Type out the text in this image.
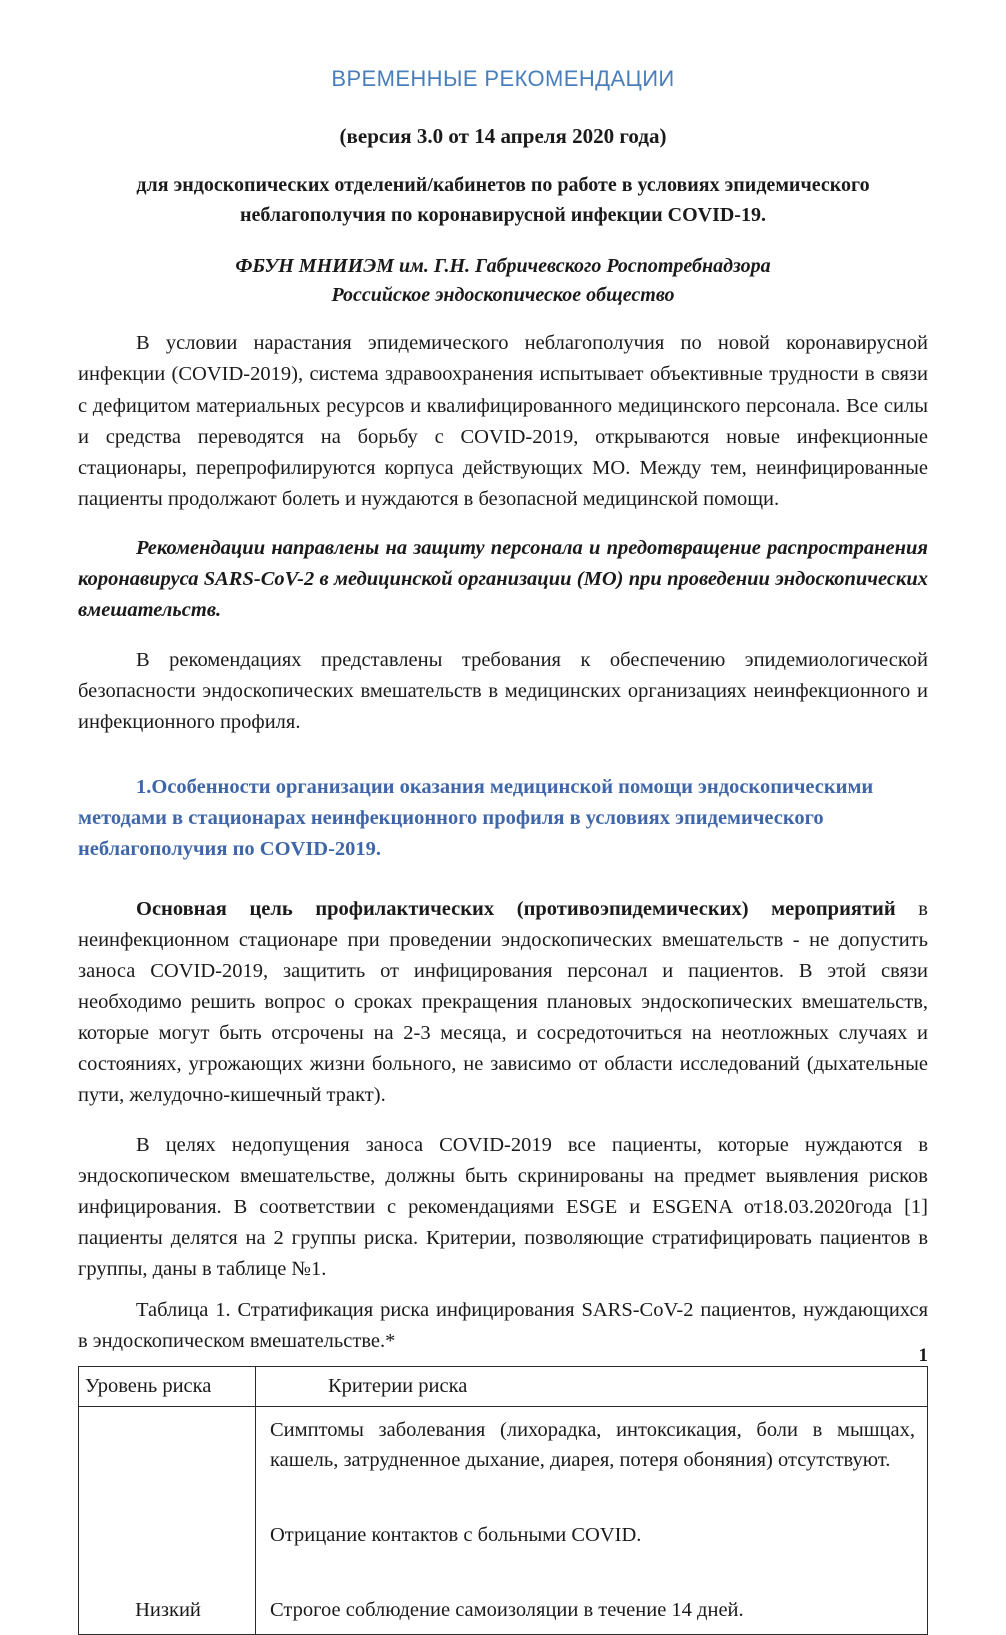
ВРЕМЕННЫЕ РЕКОМЕНДАЦИИ

(версия 3.0 от 14 апреля 2020 года)

для эндоскопических отделений/кабинетов по работе в условиях эпидемического неблагополучия по коронавирусной инфекции COVID-19.

ФБУН МНИИЭМ им. Г.Н. Габричевского Роспотребнадзора

Российское эндоскопическое общество

В условии нарастания эпидемического неблагополучия по новой коронавирусной инфекции (COVID-2019), система здравоохранения испытывает объективные трудности в связи с дефицитом материальных ресурсов и квалифицированного медицинского персонала. Все силы и средства переводятся на борьбу с COVID-2019, открываются новые инфекционные стационары, перепрофилируются корпуса действующих МО. Между тем, неинфицированные пациенты продолжают болеть и нуждаются в безопасной медицинской помощи.

Рекомендации направлены на защиту персонала и предотвращение распространения коронавируса SARS-CoV-2 в медицинской организации (МО) при проведении эндоскопических вмешательств.

В рекомендациях представлены требования к обеспечению эпидемиологической безопасности эндоскопических вмешательств в медицинских организациях неинфекционного и инфекционного профиля.

1.Особенности организации оказания медицинской помощи эндоскопическими методами в стационарах неинфекционного профиля в условиях эпидемического неблагополучия по COVID-2019.

Основная цель профилактических (противоэпидемических) мероприятий в неинфекционном стационаре при проведении эндоскопических вмешательств - не допустить заноса COVID-2019, защитить от инфицирования персонал и пациентов. В этой связи необходимо решить вопрос о сроках прекращения плановых эндоскопических вмешательств, которые могут быть отсрочены на 2-3 месяца, и сосредоточиться на неотложных случаях и состояниях, угрожающих жизни больного, не зависимо от области исследований (дыхательные пути, желудочно-кишечный тракт).

В целях недопущения заноса COVID-2019 все пациенты, которые нуждаются в эндоскопическом вмешательстве, должны быть скринированы на предмет выявления рисков инфицирования. В соответствии с рекомендациями ESGE и ESGENA от18.03.2020года [1] пациенты делятся на 2 группы риска. Критерии, позволяющие стратифицировать пациентов в группы, даны в таблице №1.

Таблица 1. Стратификация риска инфицирования SARS-CoV-2 пациентов, нуждающихся в эндоскопическом вмешательстве.*

Уровень риска	Критерии риска
Низкий	Симптомы заболевания (лихорадка, интоксикация, боли в мышцах, кашель, затрудненное дыхание, диарея, потеря обоняния) отсутствуют.

Отрицание контактов с больными COVID.

Строгое соблюдение самоизоляции в течение 14 дней.

1
